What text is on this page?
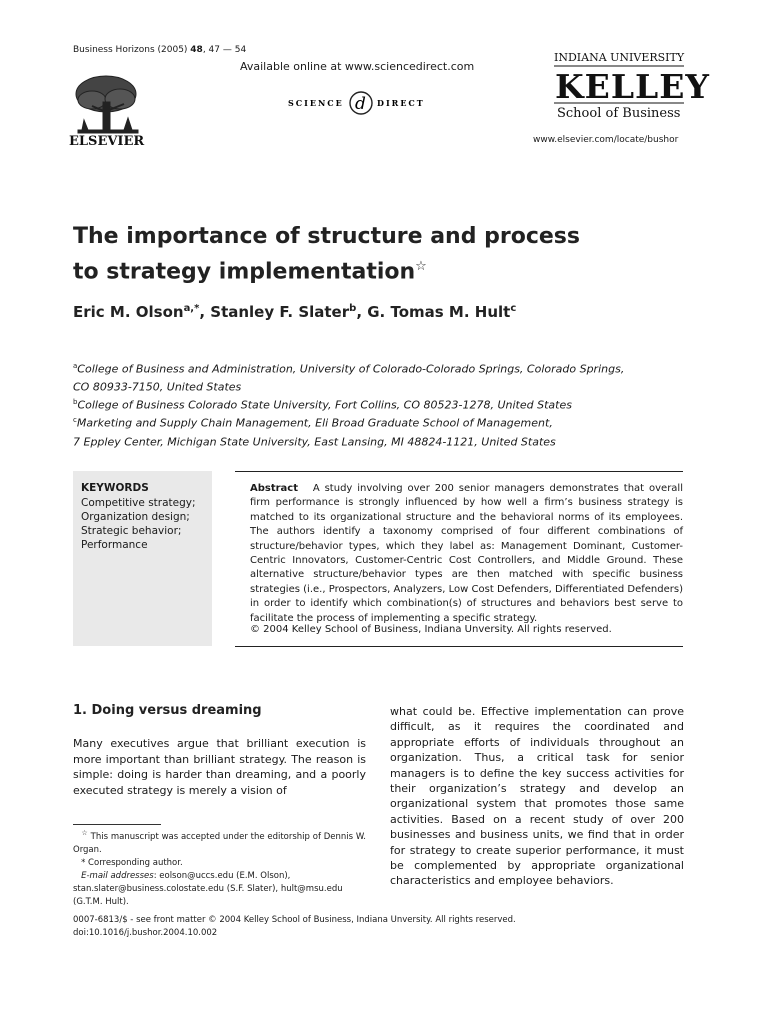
Business Horizons (2005) 48, 47 — 54
Available online at www.sciencedirect.com
SCIENCE d DIRECT
ELSEVIER
INDIANA UNIVERSITY
KELLEY
School of Business
www.elsevier.com/locate/bushor
The importance of structure and process
to strategy implementation☆
Eric M. Olson$^{a,*}$, Stanley F. Slater$^b$, G. Tomas M. Hult$^c$
$^a$College of Business and Administration, University of Colorado-Colorado Springs, Colorado Springs,
CO 80933-7150, United States
$^b$College of Business Colorado State University, Fort Collins, CO 80523-1278, United States
$^c$Marketing and Supply Chain Management, Eli Broad Graduate School of Management,
7 Eppley Center, Michigan State University, East Lansing, MI 48824-1121, United States
KEYWORDS
Competitive strategy;
Organization design;
Strategic behavior;
Performance
Abstract A study involving over 200 senior managers demonstrates that overall firm performance is strongly influenced by how well a firm’s business strategy is matched to its organizational structure and the behavioral norms of its employees. The authors identify a taxonomy comprised of four different combinations of structure/behavior types, which they label as: Management Dominant, Customer-Centric Innovators, Customer-Centric Cost Controllers, and Middle Ground. These alternative structure/behavior types are then matched with specific business strategies (i.e., Prospectors, Analyzers, Low Cost Defenders, Differentiated Defenders) in order to identify which combination(s) of structures and behaviors best serve to facilitate the process of implementing a specific strategy.
© 2004 Kelley School of Business, Indiana Unversity. All rights reserved.
1. Doing versus dreaming
Many executives argue that brilliant execution is more important than brilliant strategy. The reason is simple: doing is harder than dreaming, and a poorly executed strategy is merely a vision of
what could be. Effective implementation can prove difficult, as it requires the coordinated and appropriate efforts of individuals throughout an organization. Thus, a critical task for senior managers is to define the key success activities for their organization’s strategy and develop an organizational system that promotes those same activities. Based on a recent study of over 200 businesses and business units, we find that in order for strategy to create superior performance, it must be complemented by appropriate organizational characteristics and employee behaviors.
☆ This manuscript was accepted under the editorship of Dennis W. Organ.
* Corresponding author.
E-mail addresses: eolson@uccs.edu (E.M. Olson), stan.slater@business.colostate.edu (S.F. Slater), hult@msu.edu (G.T.M. Hult).
0007-6813/$ - see front matter © 2004 Kelley School of Business, Indiana Unversity. All rights reserved.
doi:10.1016/j.bushor.2004.10.002
